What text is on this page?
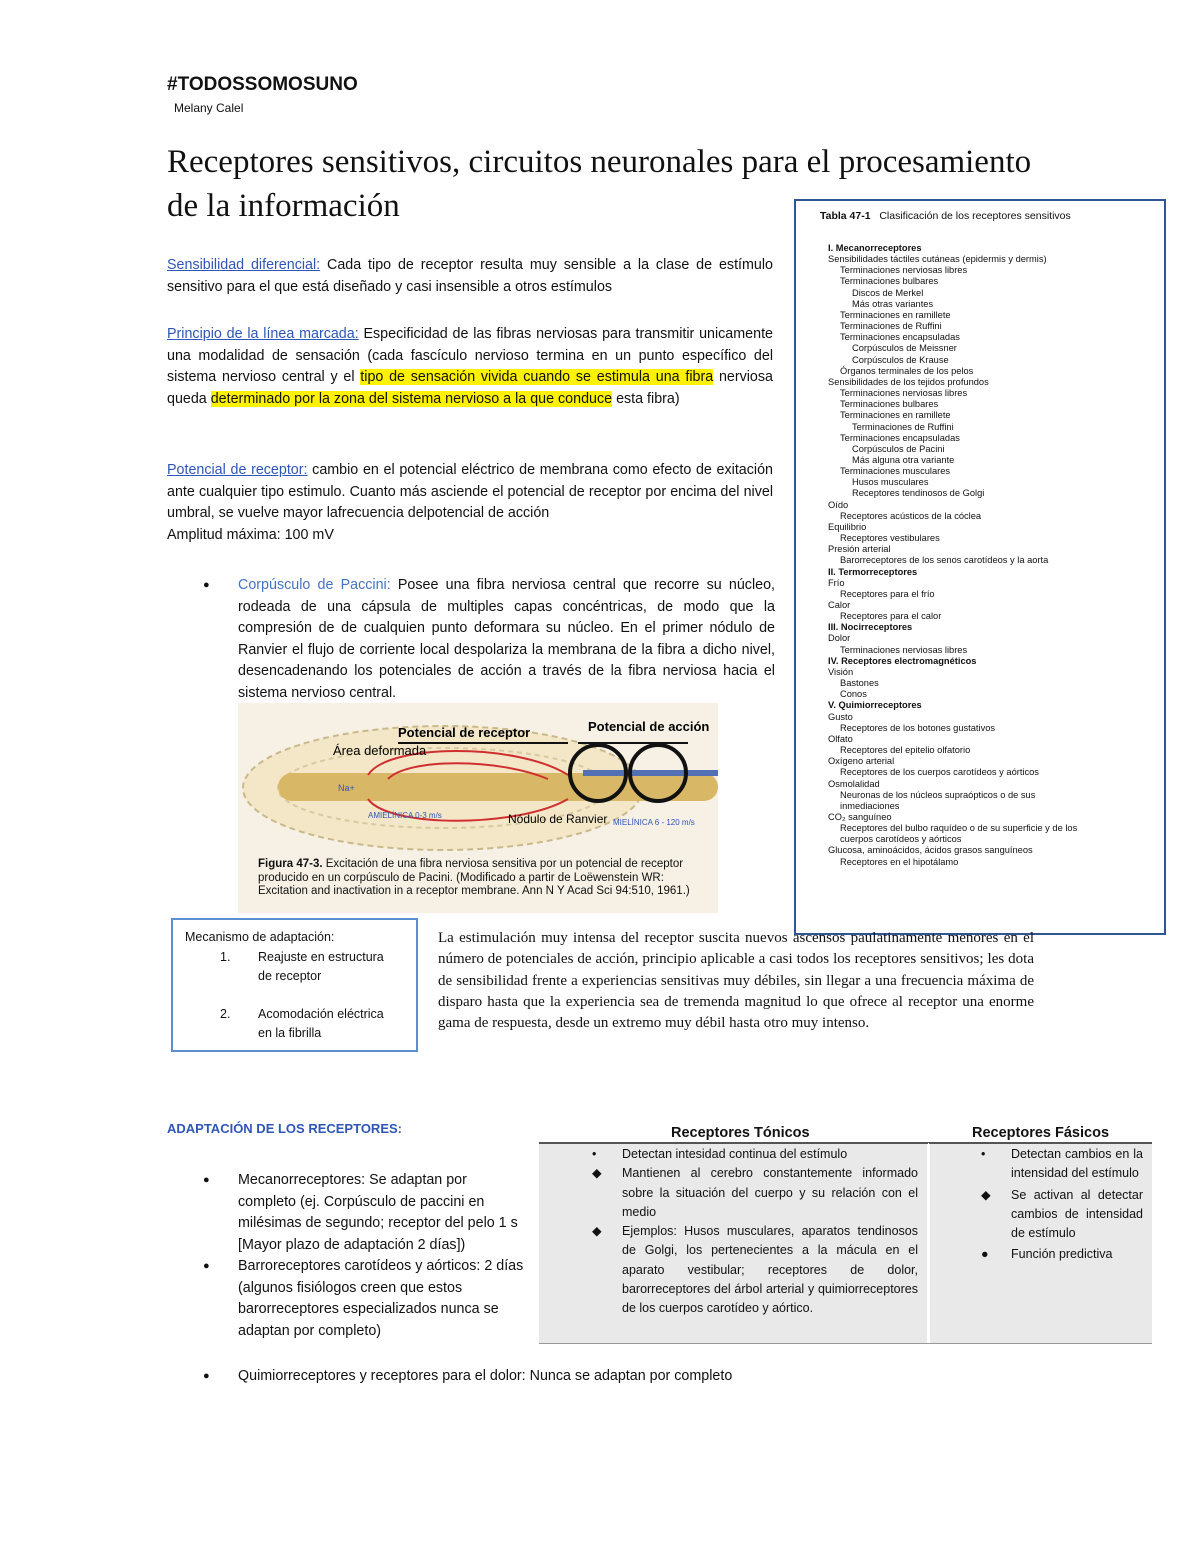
#TODOSSOMOSUNO
Melany Calel
Receptores sensitivos, circuitos neuronales para el procesamiento de la información
Sensibilidad diferencial: Cada tipo de receptor resulta muy sensible a la clase de estímulo sensitivo para el que está diseñado y casi insensible a otros estímulos
Principio de la línea marcada: Especificidad de las fibras nerviosas para transmitir unicamente una modalidad de sensación (cada fascículo nervioso termina en un punto específico del sistema nervioso central y el tipo de sensación vivida cuando se estimula una fibra nerviosa queda determinado por la zona del sistema nervioso a la que conduce esta fibra)
Potencial de receptor: cambio en el potencial eléctrico de membrana como efecto de exitación ante cualquier tipo estimulo. Cuanto más asciende el potencial de receptor por encima del nivel umbral, se vuelve mayor lafrecuencia delpotencial de acción
Amplitud máxima: 100 mV
● Corpúsculo de Paccini: Posee una fibra nerviosa central que recorre su núcleo, rodeada de una cápsula de multiples capas concéntricas, de modo que la compresión de de cualquien punto deformara su núcleo. En el primer nódulo de Ranvier el flujo de corriente local despolariza la membrana de la fibra a dicho nivel, desencadenando los potenciales de acción a través de la fibra nerviosa hacia el sistema nervioso central.
Área deformada
Potencial de receptor	Potencial de acción
Nódulo de Ranvier
AMIELÍNICA 0-3 m/s
MIELÍNICA 6 - 120 m/s
Na+
Figura 47-3. Excitación de una fibra nerviosa sensitiva por un potencial de receptor producido en un corpúsculo de Pacini. (Modificado a partir de Loëwenstein WR: Excitation and inactivation in a receptor membrane. Ann N Y Acad Sci 94:510, 1961.)
Tabla 47-1 Clasificación de los receptores sensitivos
I. Mecanorreceptores
Sensibilidades táctiles cutáneas (epidermis y dermis)
Terminaciones nerviosas libres
Terminaciones bulbares
Discos de Merkel
Más otras variantes
Terminaciones en ramillete
Terminaciones de Ruffini
Terminaciones encapsuladas
Corpúsculos de Meissner
Corpúsculos de Krause
Órganos terminales de los pelos
Sensibilidades de los tejidos profundos
Terminaciones nerviosas libres
Terminaciones bulbares
Terminaciones en ramillete
Terminaciones de Ruffini
Terminaciones encapsuladas
Corpúsculos de Pacini
Más alguna otra variante
Terminaciones musculares
Husos musculares
Receptores tendinosos de Golgi
Oído
Receptores acústicos de la cóclea
Equilibrio
Receptores vestibulares
Presión arterial
Barorreceptores de los senos carotídeos y la aorta
II. Termorreceptores
Frío
Receptores para el frío
Calor
Receptores para el calor
III. Nocirreceptores
Dolor
Terminaciones nerviosas libres
IV. Receptores electromagnéticos
Visión
Bastones
Conos
V. Quimiorreceptores
Gusto
Receptores de los botones gustativos
Olfato
Receptores del epitelio olfatorio
Oxígeno arterial
Receptores de los cuerpos carotídeos y aórticos
Osmolalidad
Neuronas de los núcleos supraópticos o de sus
inmediaciones
CO₂ sanguíneo
Receptores del bulbo raquídeo o de su superficie y de los
cuerpos carotídeos y aórticos
Glucosa, aminoácidos, ácidos grasos sanguíneos
Receptores en el hipotálamo
Mecanismo de adaptación:
1. Reajuste en estructura de receptor
2. Acomodación eléctrica en la fibrilla
La estimulación muy intensa del receptor suscita nuevos ascensos paulatinamente menores en el número de potenciales de acción, principio aplicable a casi todos los receptores sensitivos; les dota de sensibilidad frente a experiencias sensitivas muy débiles, sin llegar a una frecuencia máxima de disparo hasta que la experiencia sea de tremenda magnitud lo que ofrece al receptor una enorme gama de respuesta, desde un extremo muy débil hasta otro muy intenso.
ADAPTACIÓN DE LOS RECEPTORES:
● Mecanorreceptores: Se adaptan por completo (ej. Corpúsculo de paccini en milésimas de segundo; receptor del pelo 1 s [Mayor plazo de adaptación 2 días])
● Barroreceptores carotídeos y aórticos: 2 días (algunos fisiólogos creen que estos barorreceptores especializados nunca se adaptan por completo)
● Quimiorreceptores y receptores para el dolor: Nunca se adaptan por completo
Receptores Tónicos	Receptores Fásicos
• Detectan intesidad continua del estímulo
◆ Mantienen al cerebro constantemente informado sobre la situación del cuerpo y su relación con el medio
◆ Ejemplos: Husos musculares, aparatos tendinosos de Golgi, los pertenecientes a la mácula en el aparato vestibular; receptores de dolor, barorreceptores del árbol arterial y quimiorreceptores de los cuerpos carotídeo y aórtico.
• Detectan cambios en la intensidad del estímulo
◆ Se activan al detectar cambios de intensidad de estímulo
● Función predictiva
